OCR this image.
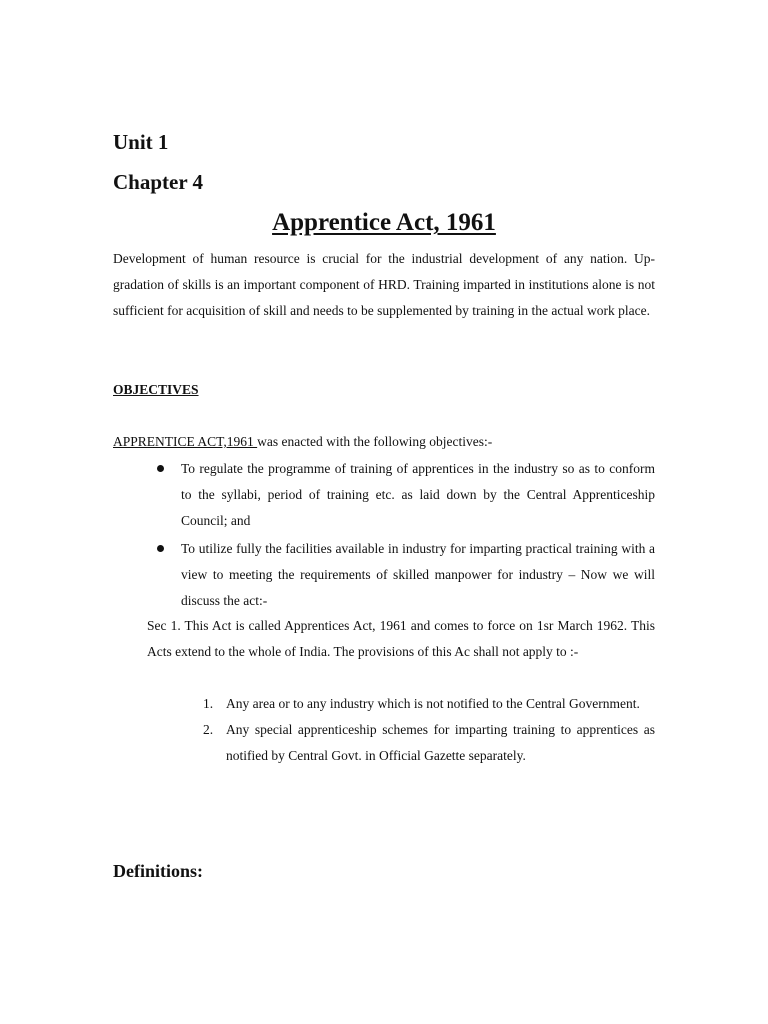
Unit 1
Chapter 4
Apprentice Act, 1961

Development of human resource is crucial for the industrial development of any nation. Up-gradation of skills is an important component of HRD. Training imparted in institutions alone is not sufficient for acquisition of skill and needs to be supplemented by training in the actual work place.

OBJECTIVES

APPRENTICE ACT,1961 was enacted with the following objectives:-

To regulate the programme of training of apprentices in the industry so as to conform to the syllabi, period of training etc. as laid down by the Central Apprenticeship Council; and
To utilize fully the facilities available in industry for imparting practical training with a view to meeting the requirements of skilled manpower for industry – Now we will discuss the act:-

Sec 1. This Act is called Apprentices Act, 1961 and comes to force on 1sr March 1962. This Acts extend to the whole of India. The provisions of this Ac shall not apply to :-

1. Any area or to any industry which is not notified to the Central Government.
2. Any special apprenticeship schemes for imparting training to apprentices as notified by Central Govt. in Official Gazette separately.
Definitions:
